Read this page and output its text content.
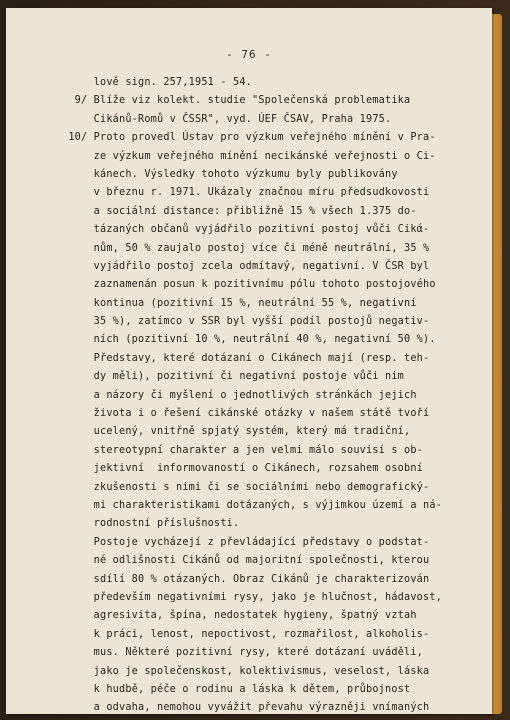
- 76 -
lově sign. 257,1951 - 54.
9/ Blíže viz kolekt. studie "Společenská problematika
Cikánů-Romů v ČSSR", vyd. ÚEF ČSAV, Praha 1975.
10/ Proto provedl Ústav pro výzkum veřejného mínění v Pra-
ze výzkum veřejného mínění necikánské veřejnosti o Ci-
kánech. Výsledky tohoto výzkumu byly publikovány
v březnu r. 1971. Ukázaly značnou míru předsudkovosti
a sociální distance: přibližně 15 % všech 1.375 do-
tázaných občanů vyjádřilo pozitivní postoj vůči Cikά-
nům, 50 % zaujalo postoj více či méně neutrální, 35 %
vyjádřilo postoj zcela odmítavý, negativní. V ČSR byl
zaznamenán posun k pozitivnímu pólu tohoto postojového
kontinua (pozitivní 15 %, neutrální 55 %, negativní
35 %), zatímco v SSR byl vyšší podíl postojů negativ-
ních (pozitivní 10 %, neutrální 40 %, negativní 50 %).
Představy, které dotázaní o Cikánech mají (resp. teh-
dy měli), pozitivní či negativní postoje vůči nim
a názory či myšlení o jednotlivých stránkách jejich
života i o řešení cikánské otázky v našem státě tvoří
ucelený, vnitřně spjatý systém, který má tradiční,
stereotypní charakter a jen velmi málo souvisí s ob-
jektivní  informovaností o Cikánech, rozsahem osobní
zkušenosti s nimi či se sociálními nebo demografický-
mi charakteristikami dotázaných, s výjimkou území a ná-
rodnostní příslušnosti.
Postoje vycházejí z převládající představy o podstat-
né odlišnosti Cikánů od majoritní společnosti, kterou
sdílí 80 % otázaných. Obraz Cikánů je charakterizován
především negativními rysy, jako je hlučnost, hádavost,
agresivita, špína, nedostatek hygieny, špatný vztah
k práci, lenost, nepoctivost, rozmařilost, alkoholis-
mus. Některé pozitivní rysy, které dotázaní uváděli,
jako je společenskost, kolektivismus, veselost, láska
k hudbě, péče o rodinu a láska k dětem, průbojnost
a odvaha, nemohou vyvážit převahu výrazněji vnímaných
